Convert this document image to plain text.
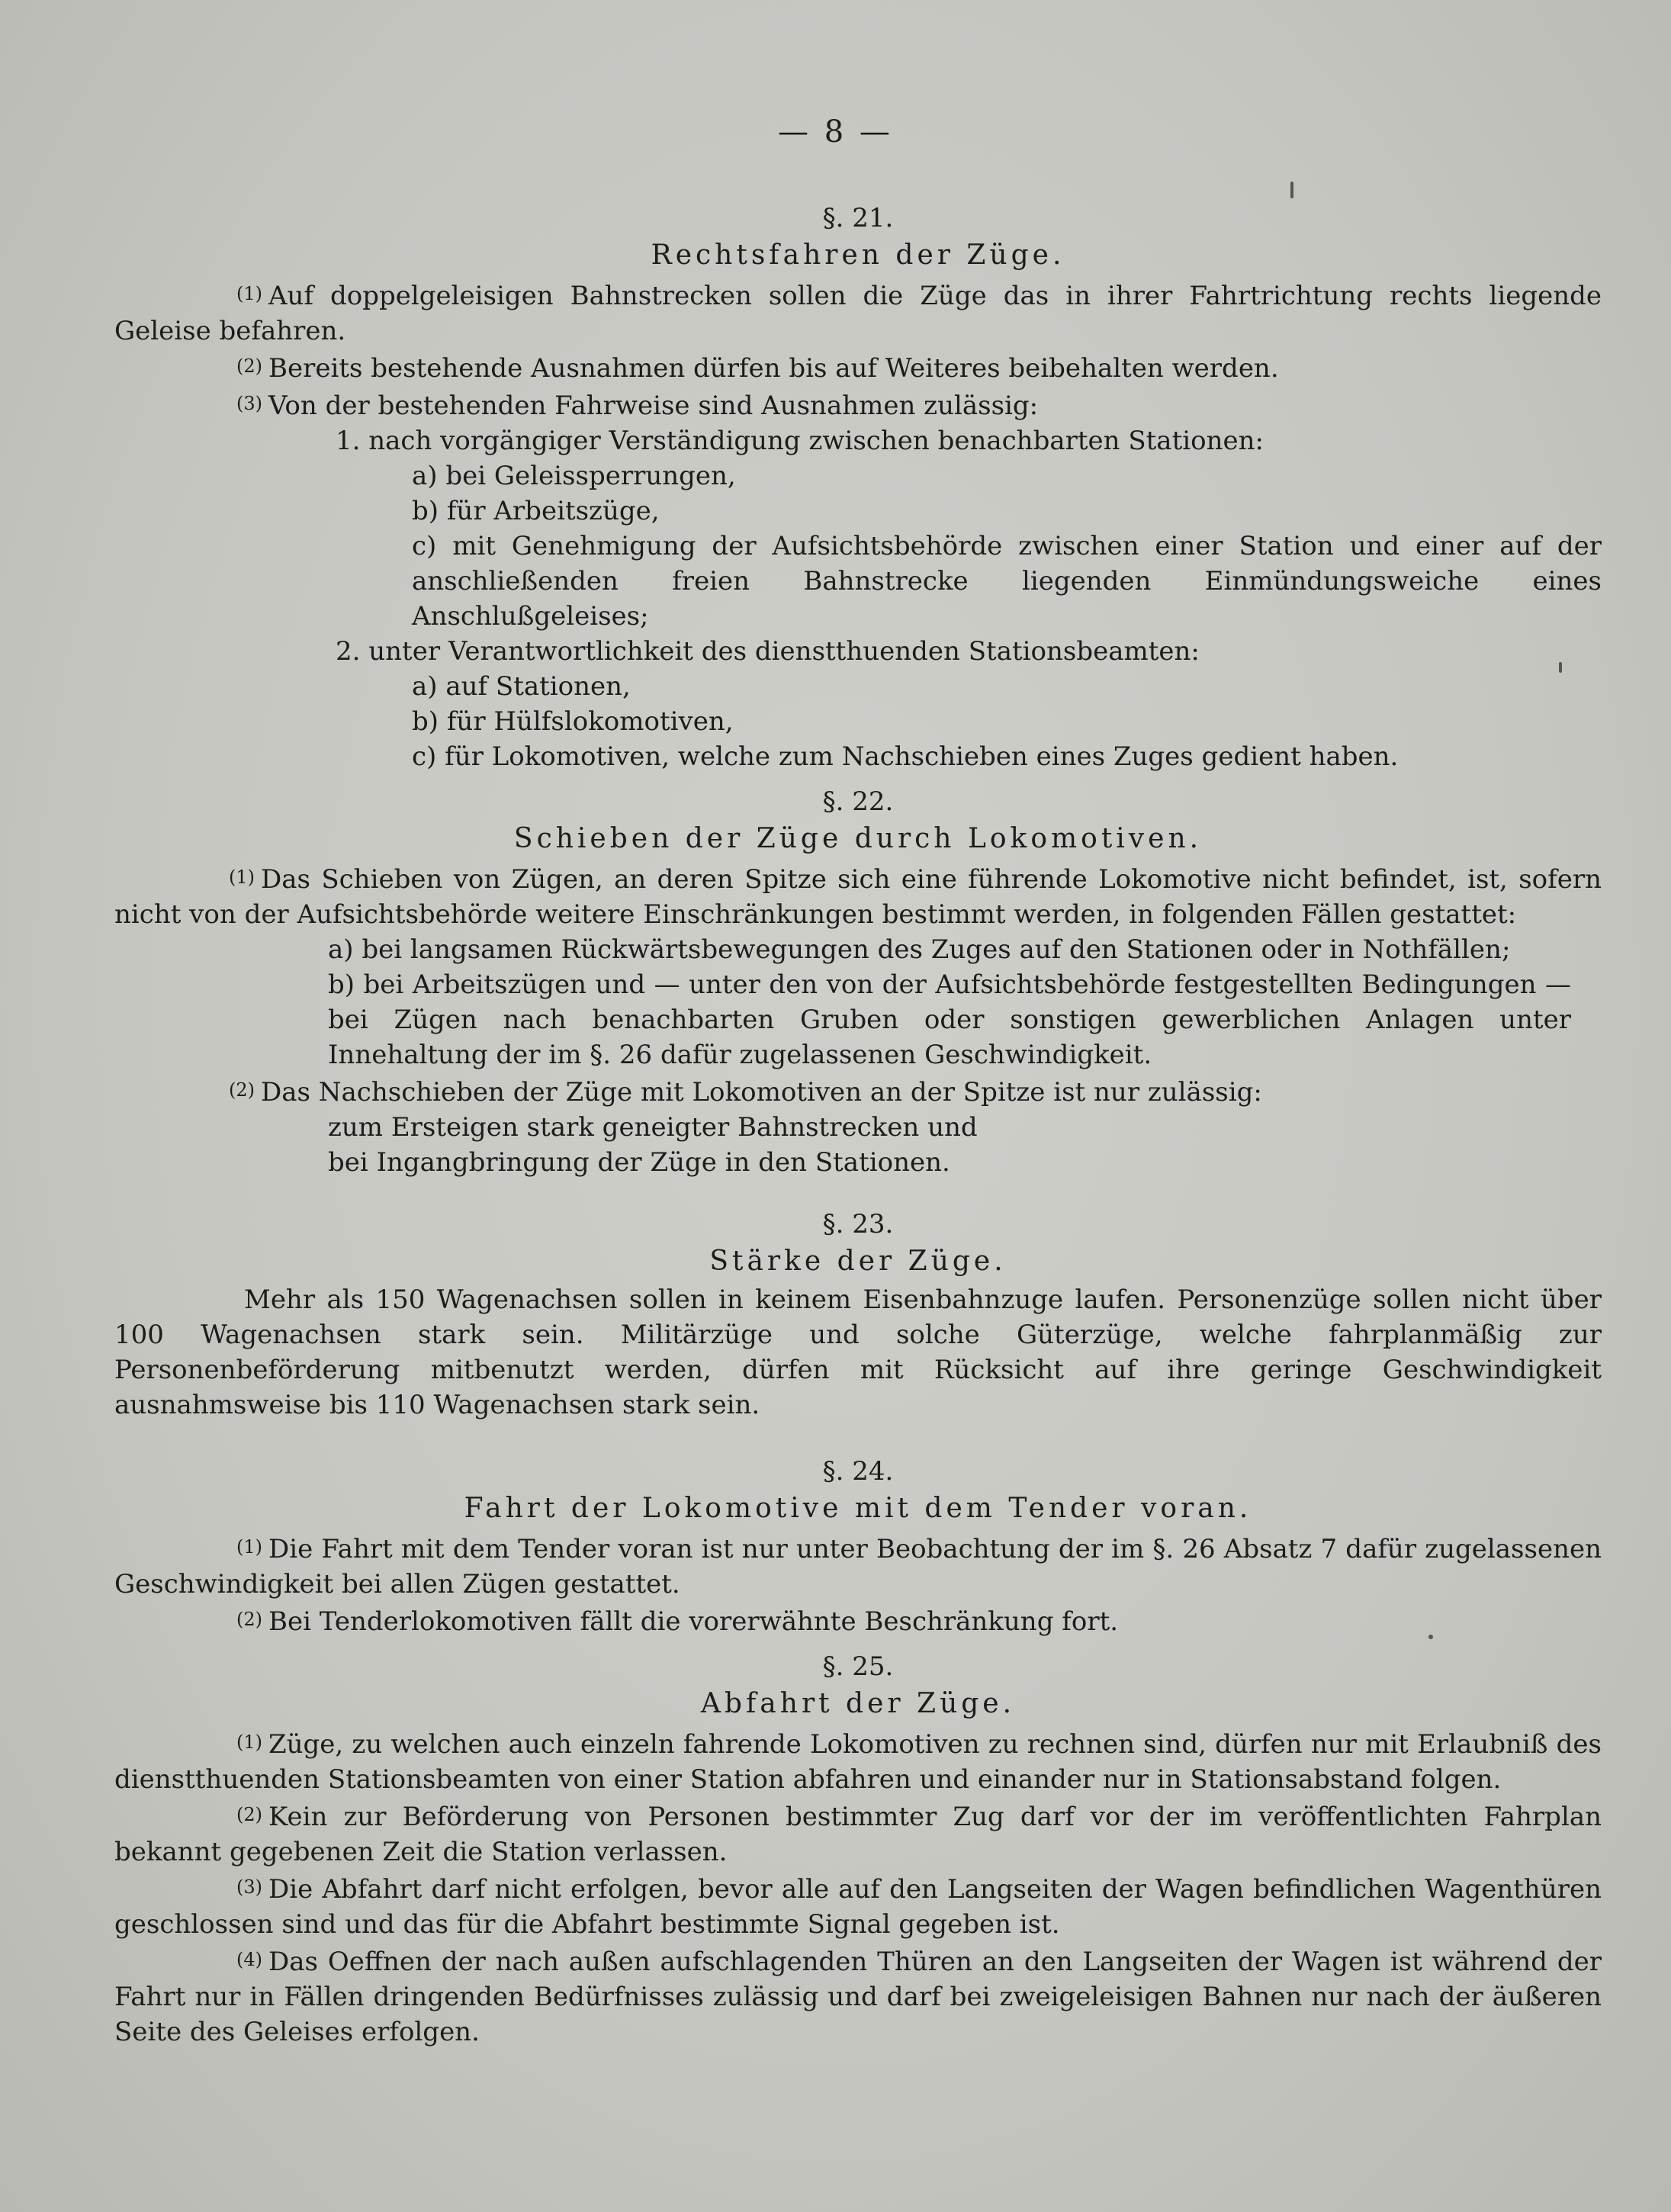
— 8 —
§. 21.
Rechtsfahren der Züge.

$^{(1)}$ Auf doppelgeleisigen Bahnstrecken sollen die Züge das in ihrer Fahrtrichtung rechts liegende Geleise befahren.

$^{(2)}$ Bereits bestehende Ausnahmen dürfen bis auf Weiteres beibehalten werden.

$^{(3)}$ Von der bestehenden Fahrweise sind Ausnahmen zulässig:

1. nach vorgängiger Verständigung zwischen benachbarten Stationen:

a) bei Geleissperrungen,

b) für Arbeitszüge,

c) mit Genehmigung der Aufsichtsbehörde zwischen einer Station und einer auf der anschließenden freien Bahnstrecke liegenden Einmündungsweiche eines Anschlußgeleises;

2. unter Verantwortlichkeit des dienstthuenden Stationsbeamten:

a) auf Stationen,

b) für Hülfslokomotiven,

c) für Lokomotiven, welche zum Nachschieben eines Zuges gedient haben.

§. 22.
Schieben der Züge durch Lokomotiven.

$^{(1)}$ Das Schieben von Zügen, an deren Spitze sich eine führende Lokomotive nicht befindet, ist, sofern nicht von der Aufsichtsbehörde weitere Einschränkungen bestimmt werden, in folgenden Fällen gestattet:

a) bei langsamen Rückwärtsbewegungen des Zuges auf den Stationen oder in Nothfällen;

b) bei Arbeitszügen und — unter den von der Aufsichtsbehörde festgestellten Bedingungen — bei Zügen nach benachbarten Gruben oder sonstigen gewerblichen Anlagen unter Innehaltung der im §. 26 dafür zugelassenen Geschwindigkeit.

$^{(2)}$ Das Nachschieben der Züge mit Lokomotiven an der Spitze ist nur zulässig:

zum Ersteigen stark geneigter Bahnstrecken und

bei Ingangbringung der Züge in den Stationen.

§. 23.
Stärke der Züge.

Mehr als 150 Wagenachsen sollen in keinem Eisenbahnzuge laufen. Personenzüge sollen nicht über 100 Wagenachsen stark sein. Militärzüge und solche Güterzüge, welche fahrplanmäßig zur Personenbeförderung mitbenutzt werden, dürfen mit Rücksicht auf ihre geringe Geschwindigkeit ausnahmsweise bis 110 Wagenachsen stark sein.

§. 24.
Fahrt der Lokomotive mit dem Tender voran.

$^{(1)}$ Die Fahrt mit dem Tender voran ist nur unter Beobachtung der im §. 26 Absatz 7 dafür zugelassenen Geschwindigkeit bei allen Zügen gestattet.

$^{(2)}$ Bei Tenderlokomotiven fällt die vorerwähnte Beschränkung fort.

§. 25.
Abfahrt der Züge.

$^{(1)}$ Züge, zu welchen auch einzeln fahrende Lokomotiven zu rechnen sind, dürfen nur mit Erlaubniß des dienstthuenden Stationsbeamten von einer Station abfahren und einander nur in Stationsabstand folgen.

$^{(2)}$ Kein zur Beförderung von Personen bestimmter Zug darf vor der im veröffentlichten Fahrplan bekannt gegebenen Zeit die Station verlassen.

$^{(3)}$ Die Abfahrt darf nicht erfolgen, bevor alle auf den Langseiten der Wagen befindlichen Wagenthüren geschlossen sind und das für die Abfahrt bestimmte Signal gegeben ist.

$^{(4)}$ Das Oeffnen der nach außen aufschlagenden Thüren an den Langseiten der Wagen ist während der Fahrt nur in Fällen dringenden Bedürfnisses zulässig und darf bei zweigeleisigen Bahnen nur nach der äußeren Seite des Geleises erfolgen.
